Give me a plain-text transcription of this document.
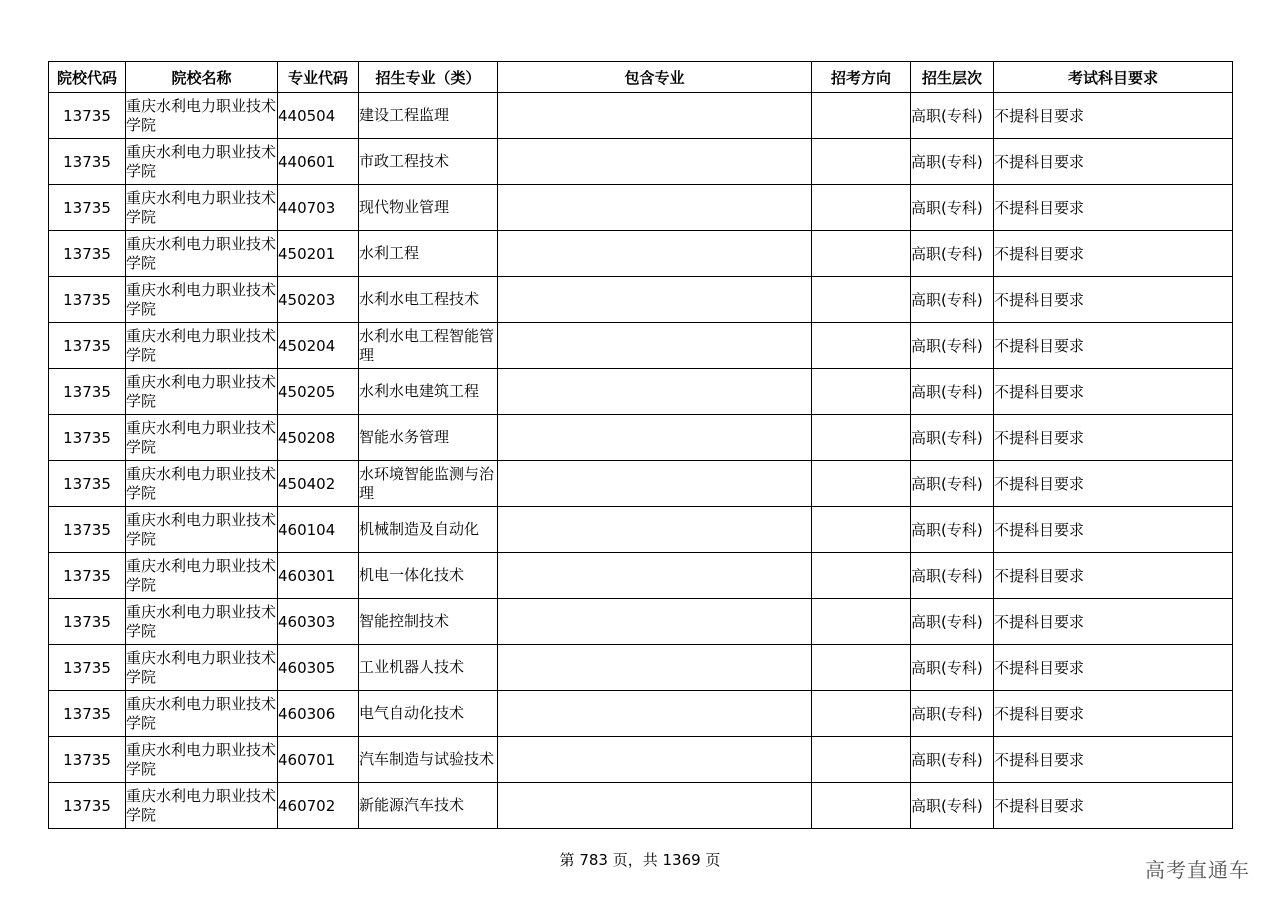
院校代码	院校名称	专业代码	招生专业（类）	包含专业	招考方向	招生层次	考试科目要求
13735	重庆水利电力职业技术学院	440504	建设工程监理			高职(专科)	不提科目要求
13735	重庆水利电力职业技术学院	440601	市政工程技术			高职(专科)	不提科目要求
13735	重庆水利电力职业技术学院	440703	现代物业管理			高职(专科)	不提科目要求
13735	重庆水利电力职业技术学院	450201	水利工程			高职(专科)	不提科目要求
13735	重庆水利电力职业技术学院	450203	水利水电工程技术			高职(专科)	不提科目要求
13735	重庆水利电力职业技术学院	450204	水利水电工程智能管理			高职(专科)	不提科目要求
13735	重庆水利电力职业技术学院	450205	水利水电建筑工程			高职(专科)	不提科目要求
13735	重庆水利电力职业技术学院	450208	智能水务管理			高职(专科)	不提科目要求
13735	重庆水利电力职业技术学院	450402	水环境智能监测与治理			高职(专科)	不提科目要求
13735	重庆水利电力职业技术学院	460104	机械制造及自动化			高职(专科)	不提科目要求
13735	重庆水利电力职业技术学院	460301	机电一体化技术			高职(专科)	不提科目要求
13735	重庆水利电力职业技术学院	460303	智能控制技术			高职(专科)	不提科目要求
13735	重庆水利电力职业技术学院	460305	工业机器人技术			高职(专科)	不提科目要求
13735	重庆水利电力职业技术学院	460306	电气自动化技术			高职(专科)	不提科目要求
13735	重庆水利电力职业技术学院	460701	汽车制造与试验技术			高职(专科)	不提科目要求
13735	重庆水利电力职业技术学院	460702	新能源汽车技术			高职(专科)	不提科目要求
第 783 页，共 1369 页	高考直通车
